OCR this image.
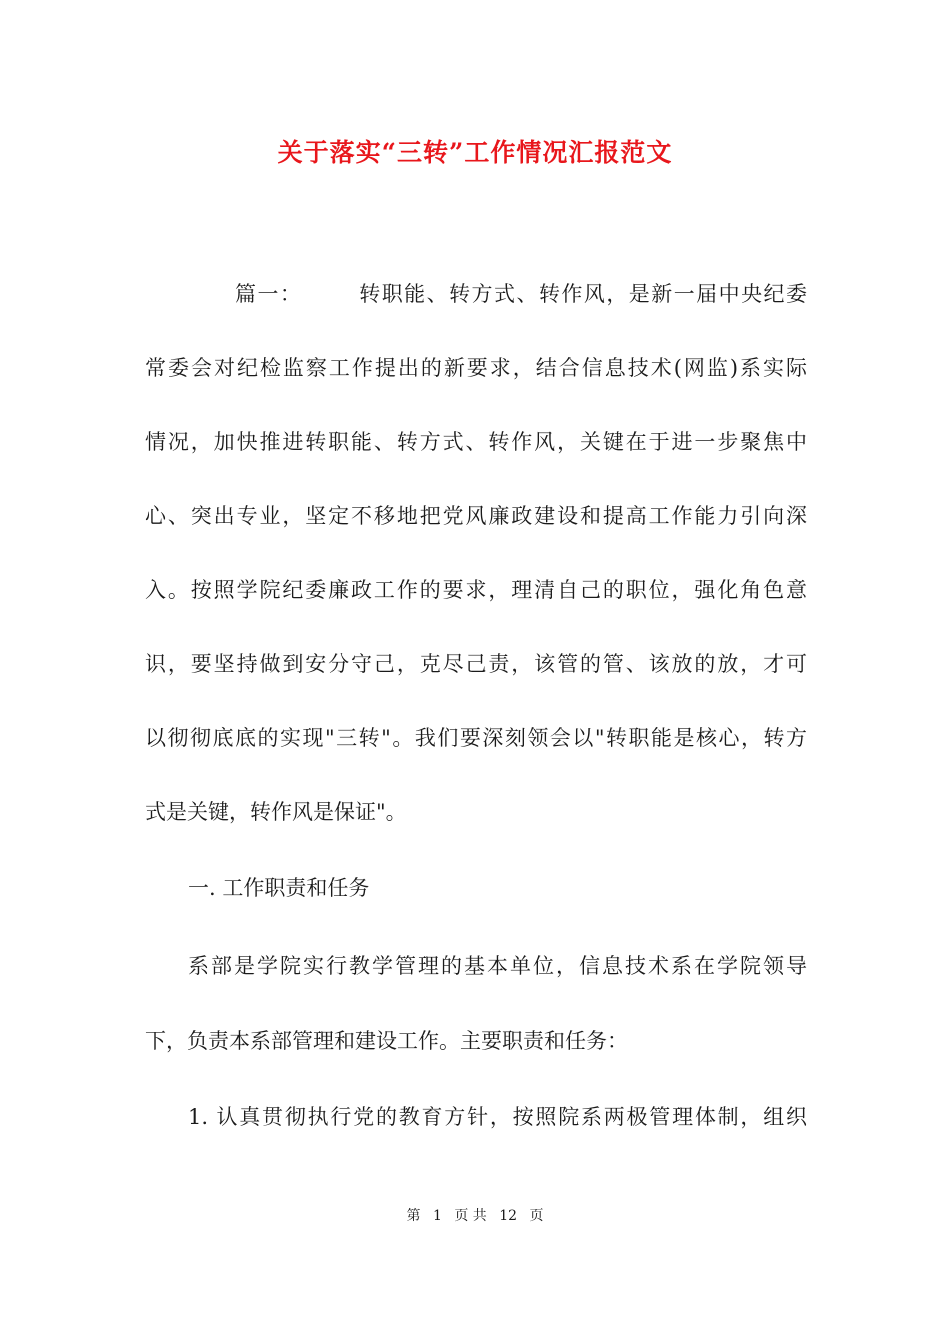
关于落实“三转”工作情况汇报范文
篇一：　　　转职能、转方式、转作风，是新一届中央纪委
常委会对纪检监察工作提出的新要求，结合信息技术(网监)系实际
情况，加快推进转职能、转方式、转作风，关键在于进一步聚焦中
心、突出专业，坚定不移地把党风廉政建设和提高工作能力引向深
入。按照学院纪委廉政工作的要求，理清自己的职位，强化角色意
识，要坚持做到安分守己，克尽己责，该管的管、该放的放，才可
以彻彻底底的实现"三转"。我们要深刻领会以"转职能是核心，转方
式是关键，转作风是保证"。
一. 工作职责和任务
系部是学院实行教学管理的基本单位，信息技术系在学院领导
下，负责本系部管理和建设工作。主要职责和任务：
1. 认真贯彻执行党的教育方针，按照院系两极管理体制，组织
第 1 页 共 12 页
